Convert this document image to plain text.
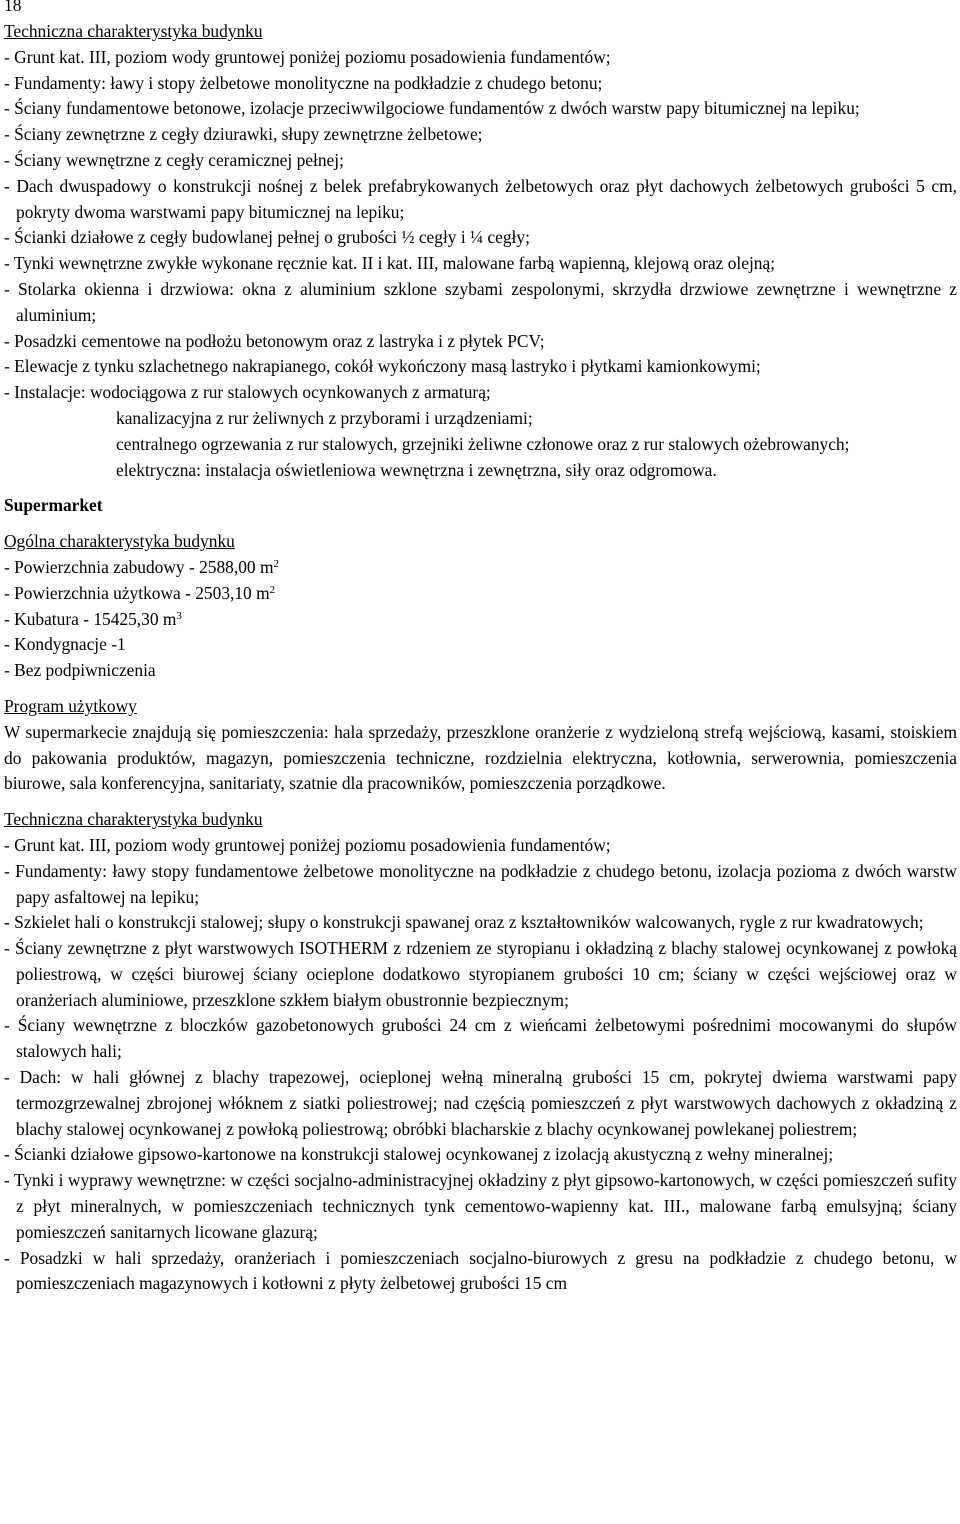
18
Techniczna charakterystyka budynku
- Grunt kat. III, poziom wody gruntowej poniżej poziomu posadowienia fundamentów;
- Fundamenty: ławy i stopy żelbetowe monolityczne na podkładzie z chudego betonu;
- Ściany fundamentowe betonowe, izolacje przeciwwilgociowe fundamentów z dwóch warstw papy bitumicznej na lepiku;
- Ściany zewnętrzne z cegły dziurawki, słupy zewnętrzne żelbetowe;
- Ściany wewnętrzne z cegły ceramicznej pełnej;
- Dach dwuspadowy o konstrukcji nośnej z belek prefabrykowanych żelbetowych oraz płyt dachowych żelbetowych grubości 5 cm, pokryty dwoma warstwami papy bitumicznej na lepiku;
- Ścianki działowe z cegły budowlanej pełnej o grubości ½ cegły i ¼ cegły;
- Tynki wewnętrzne zwykłe wykonane ręcznie kat. II i kat. III, malowane farbą wapienną, klejową oraz olejną;
- Stolarka okienna i drzwiowa: okna z aluminium szklone szybami zespolonymi, skrzydła drzwiowe zewnętrzne i wewnętrzne z aluminium;
- Posadzki cementowe na podłożu betonowym oraz z lastryka i z płytek PCV;
- Elewacje z tynku szlachetnego nakrapianego, cokół wykończony masą lastryko i płytkami kamionkowymi;
- Instalacje: wodociągowa z rur stalowych ocynkowanych z armaturą;
kanalizacyjna z rur żeliwnych z przyborami i urządzeniami;
centralnego ogrzewania z rur stalowych, grzejniki żeliwne członowe oraz z rur stalowych ożebrowanych;
elektryczna: instalacja oświetleniowa wewnętrzna i zewnętrzna, siły oraz odgromowa.
Supermarket
Ogólna charakterystyka budynku
- Powierzchnia zabudowy - 2588,00 $m^2$
- Powierzchnia użytkowa - 2503,10 $m^2$
- Kubatura - 15425,30 $m^3$
- Kondygnacje -1
- Bez podpiwniczenia
Program użytkowy
W supermarkecie znajdują się pomieszczenia: hala sprzedaży, przeszklone oranżerie z wydzieloną strefą wejściową, kasami, stoiskiem do pakowania produktów, magazyn, pomieszczenia techniczne, rozdzielnia elektryczna, kotłownia, serwerownia, pomieszczenia biurowe, sala konferencyjna, sanitariaty, szatnie dla pracowników, pomieszczenia porządkowe.
Techniczna charakterystyka budynku
- Grunt kat. III, poziom wody gruntowej poniżej poziomu posadowienia fundamentów;
- Fundamenty: ławy stopy fundamentowe żelbetowe monolityczne na podkładzie z chudego betonu, izolacja pozioma z dwóch warstw papy asfaltowej na lepiku;
- Szkielet hali o konstrukcji stalowej; słupy o konstrukcji spawanej oraz z kształtowników walcowanych, rygle z rur kwadratowych;
- Ściany zewnętrzne z płyt warstwowych ISOTHERM z rdzeniem ze styropianu i okładziną z blachy stalowej ocynkowanej z powłoką poliestrową, w części biurowej ściany ocieplone dodatkowo styropianem grubości 10 cm; ściany w części wejściowej oraz w oranżeriach aluminiowe, przeszklone szkłem białym obustronnie bezpiecznym;
- Ściany wewnętrzne z bloczków gazobetonowych grubości 24 cm z wieńcami żelbetowymi pośrednimi mocowanymi do słupów stalowych hali;
- Dach: w hali głównej z blachy trapezowej, ocieplonej wełną mineralną grubości 15 cm, pokrytej dwiema warstwami papy termozgrzewalnej zbrojonej włóknem z siatki poliestrowej; nad częścią pomieszczeń z płyt warstwowych dachowych z okładziną z blachy stalowej ocynkowanej z powłoką poliestrową; obróbki blacharskie z blachy ocynkowanej powlekanej poliestrem;
- Ścianki działowe gipsowo-kartonowe na konstrukcji stalowej ocynkowanej z izolacją akustyczną z wełny mineralnej;
- Tynki i wyprawy wewnętrzne: w części socjalno-administracyjnej okładziny z płyt gipsowo-kartonowych, w części pomieszczeń sufity z płyt mineralnych, w pomieszczeniach technicznych tynk cementowo-wapienny kat. III., malowane farbą emulsyjną; ściany pomieszczeń sanitarnych licowane glazurą;
- Posadzki w hali sprzedaży, oranżeriach i pomieszczeniach socjalno-biurowych z gresu na podkładzie z chudego betonu, w pomieszczeniach magazynowych i kotłowni z płyty żelbetowej grubości 15 cm
